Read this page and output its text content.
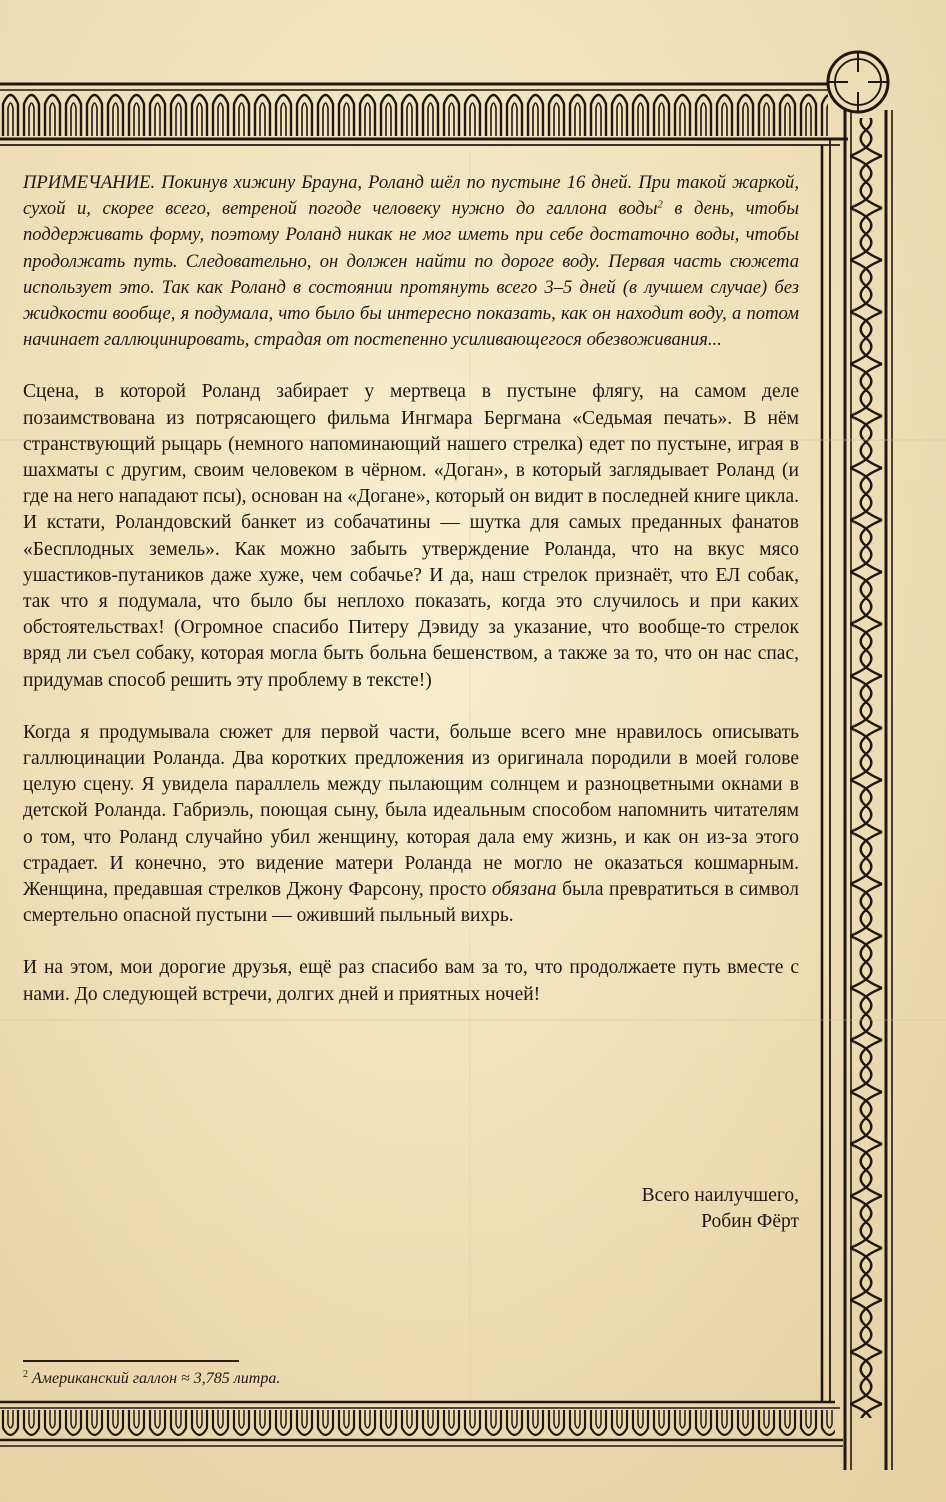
ПРИМЕЧАНИЕ. Покинув хижину Брауна, Роланд шёл по пустыне 16 дней. При такой жаркой, сухой и, скорее всего, ветреной погоде человеку нужно до галлона воды$^2$ в день, чтобы поддерживать форму, поэтому Роланд никак не мог иметь при себе достаточно воды, чтобы продолжать путь. Следовательно, он должен найти по дороге воду. Первая часть сюжета использует это. Так как Роланд в состоянии протянуть всего 3–5 дней (в лучшем случае) без жидкости вообще, я подумала, что было бы интересно показать, как он находит воду, а потом начинает галлюцинировать, страдая от постепенно усиливающегося обезвоживания...

Сцена, в которой Роланд забирает у мертвеца в пустыне флягу, на самом деле позаимствована из потрясающего фильма Ингмара Бергмана «Седьмая печать». В нём странствующий рыцарь (немного напоминающий нашего стрелка) едет по пустыне, играя в шахматы с другим, своим человеком в чёрном. «Доган», в который заглядывает Роланд (и где на него нападают псы), основан на «Догане», который он видит в последней книге цикла. И кстати, Роландовский банкет из собачатины — шутка для самых преданных фанатов «Бесплодных земель». Как можно забыть утверждение Роланда, что на вкус мясо ушастиков-путаников даже хуже, чем собачье? И да, наш стрелок признаёт, что ЕЛ собак, так что я подумала, что было бы неплохо показать, когда это случилось и при каких обстоятельствах! (Огромное спасибо Питеру Дэвиду за указание, что вообще-то стрелок вряд ли съел собаку, которая могла быть больна бешенством, а также за то, что он нас спас, придумав способ решить эту проблему в тексте!)

Когда я продумывала сюжет для первой части, больше всего мне нравилось описывать галлюцинации Роланда. Два коротких предложения из оригинала породили в моей голове целую сцену. Я увидела параллель между пылающим солнцем и разноцветными окнами в детской Роланда. Габриэль, поющая сыну, была идеальным способом напомнить читателям о том, что Роланд случайно убил женщину, которая дала ему жизнь, и как он из-за этого страдает. И конечно, это видение матери Роланда не могло не оказаться кошмарным. Женщина, предавшая стрелков Джону Фарсону, просто обязана была превратиться в символ смертельно опасной пустыни — оживший пыльный вихрь.

И на этом, мои дорогие друзья, ещё раз спасибо вам за то, что продолжаете путь вместе с нами. До следующей встречи, долгих дней и приятных ночей!

Всего наилучшего,
Робин Фёрт
$^2$ Американский галлон ≈ 3,785 литра.
